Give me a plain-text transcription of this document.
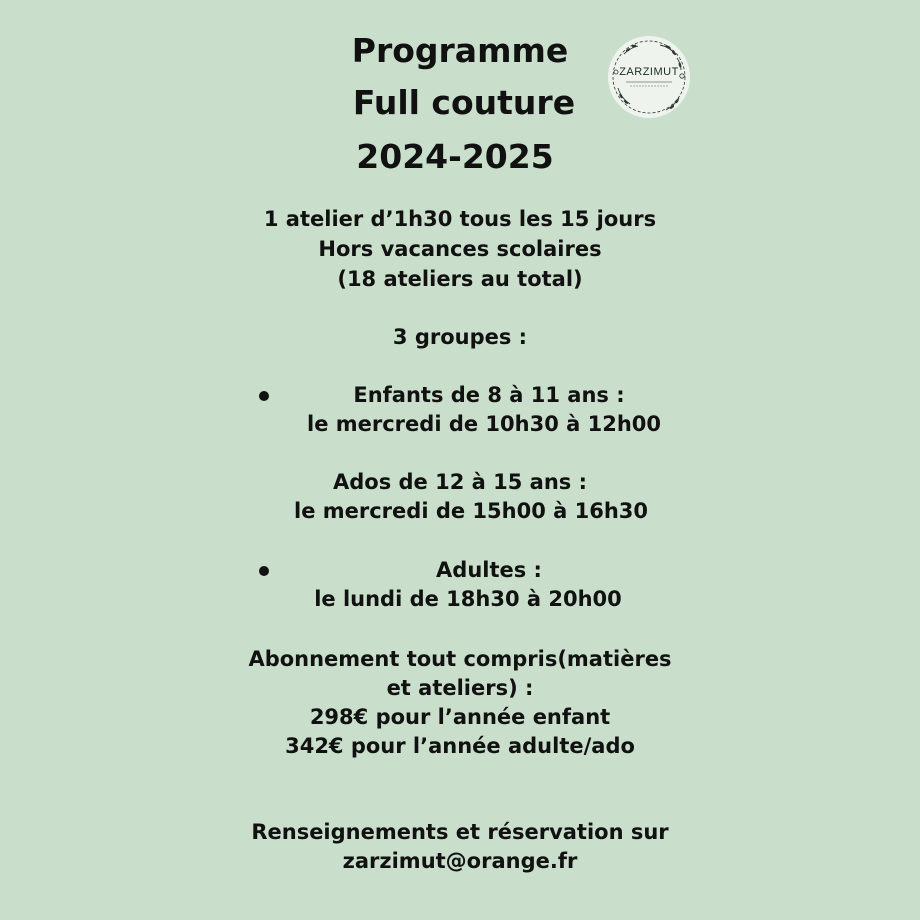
Programme
Full couture
2024-2025
ZARZIMUT

1 atelier d’1h30 tous les 15 jours

Hors vacances scolaires

(18 ateliers au total)

3 groupes :

Enfants de 8 à 11 ans :

le mercredi de 10h30 à 12h00

Ados de 12 à 15 ans :

le mercredi de 15h00 à 16h30

Adultes :

le lundi de 18h30 à 20h00

Abonnement tout compris(matières

et ateliers) :

298€ pour l’année enfant

342€ pour l’année adulte/ado

Renseignements et réservation sur

zarzimut@orange.fr
